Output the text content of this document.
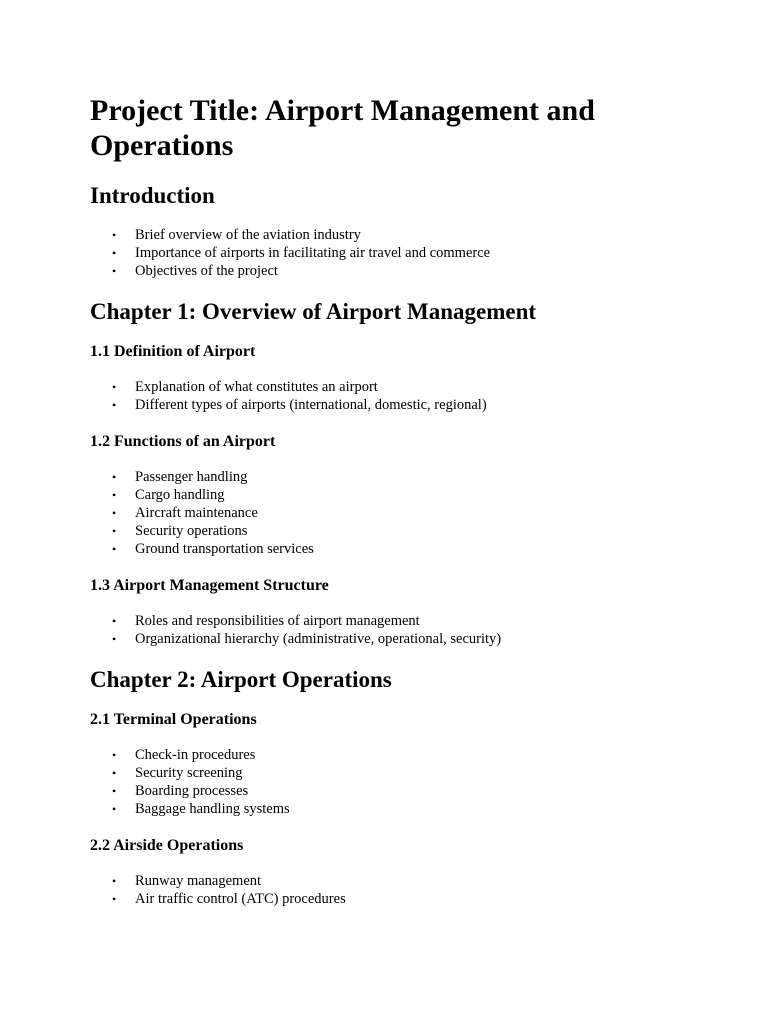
Project Title: Airport Management and Operations
Introduction
• Brief overview of the aviation industry
• Importance of airports in facilitating air travel and commerce
• Objectives of the project
Chapter 1: Overview of Airport Management
1.1 Definition of Airport
• Explanation of what constitutes an airport
• Different types of airports (international, domestic, regional)
1.2 Functions of an Airport
• Passenger handling
• Cargo handling
• Aircraft maintenance
• Security operations
• Ground transportation services
1.3 Airport Management Structure
• Roles and responsibilities of airport management
• Organizational hierarchy (administrative, operational, security)
Chapter 2: Airport Operations
2.1 Terminal Operations
• Check-in procedures
• Security screening
• Boarding processes
• Baggage handling systems
2.2 Airside Operations
• Runway management
• Air traffic control (ATC) procedures
